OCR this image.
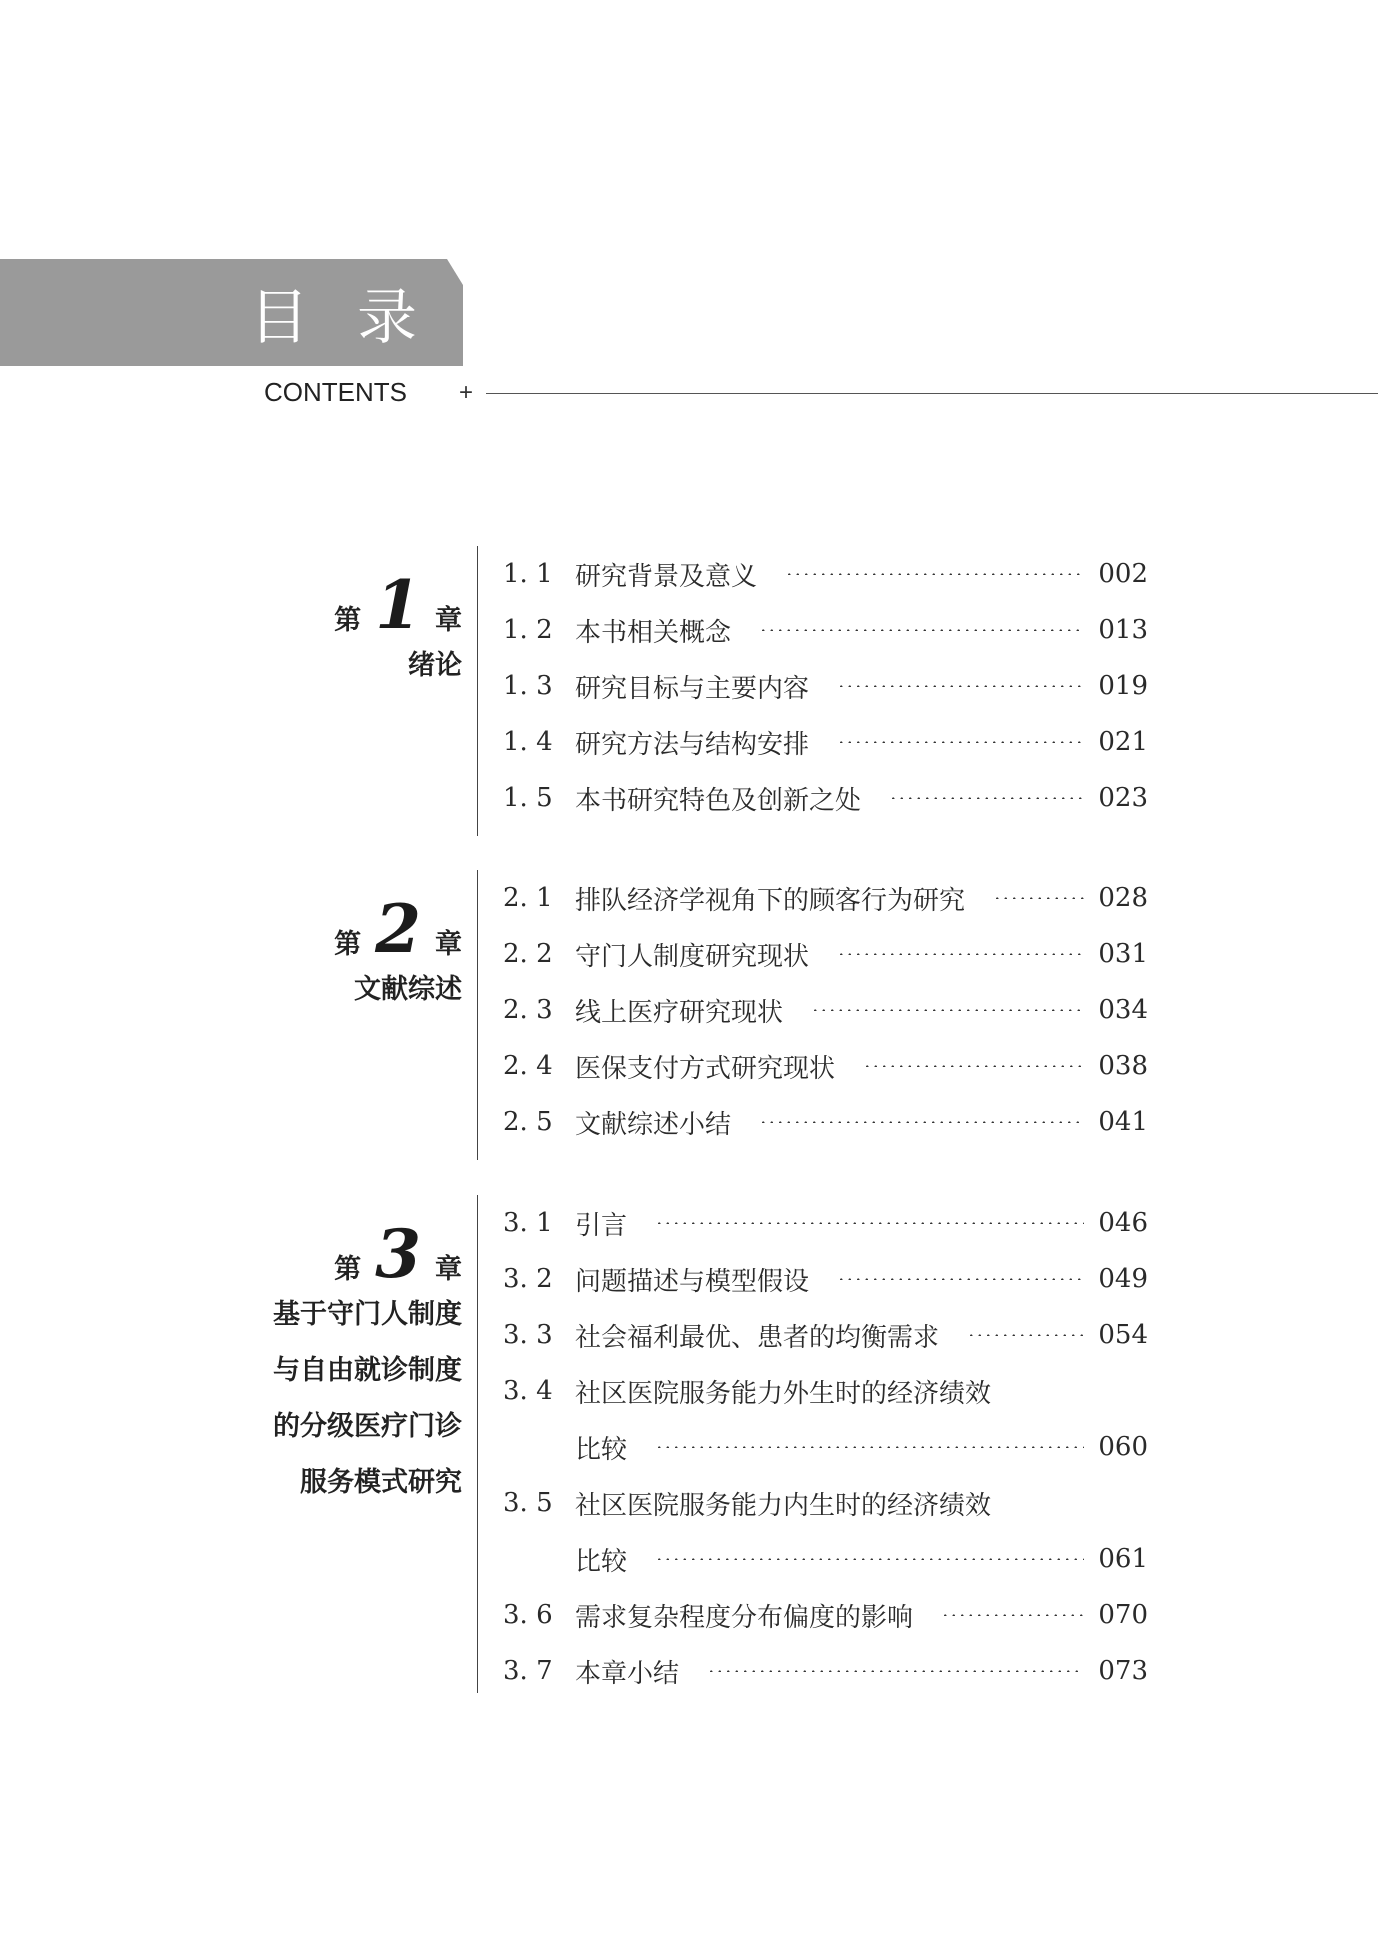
目录
CONTENTS +
第 1 章
绪论
1. 1 研究背景及意义	002
1. 2 本书相关概念	013
1. 3 研究目标与主要内容	019
1. 4 研究方法与结构安排	021
1. 5 本书研究特色及创新之处	023
第 2 章
文献综述
2. 1 排队经济学视角下的顾客行为研究	028
2. 2 守门人制度研究现状	031
2. 3 线上医疗研究现状	034
2. 4 医保支付方式研究现状	038
2. 5 文献综述小结	041
第 3 章
基于守门人制度
与自由就诊制度
的分级医疗门诊
服务模式研究
3. 1 引言	046
3. 2 问题描述与模型假设	049
3. 3 社会福利最优、患者的均衡需求	054
3. 4 社区医院服务能力外生时的经济绩效
比较	060
3. 5 社区医院服务能力内生时的经济绩效
比较	061
3. 6 需求复杂程度分布偏度的影响	070
3. 7 本章小结	073
